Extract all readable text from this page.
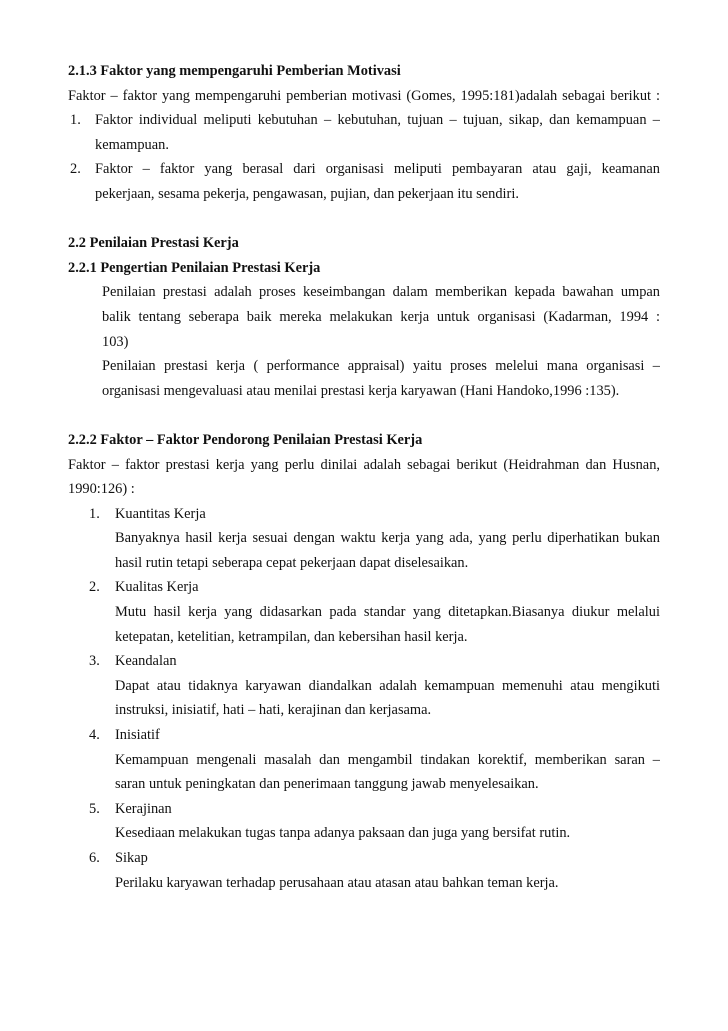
2.1.3 Faktor yang mempengaruhi Pemberian Motivasi
Faktor – faktor yang mempengaruhi pemberian motivasi (Gomes, 1995:181)adalah sebagai berikut :
1. Faktor individual meliputi kebutuhan – kebutuhan, tujuan – tujuan, sikap, dan kemampuan –
kemampuan.
2. Faktor – faktor yang berasal dari organisasi meliputi pembayaran atau gaji, keamanan
pekerjaan, sesama pekerja, pengawasan, pujian, dan pekerjaan itu sendiri.
2.2 Penilaian Prestasi Kerja
2.2.1 Pengertian Penilaian Prestasi Kerja
Penilaian prestasi adalah proses keseimbangan dalam memberikan kepada bawahan umpan
balik tentang seberapa baik mereka melakukan kerja untuk organisasi (Kadarman, 1994 :
103)
Penilaian prestasi kerja ( performance appraisal) yaitu proses melelui mana organisasi –
organisasi mengevaluasi atau menilai prestasi kerja karyawan (Hani Handoko,1996 :135).
2.2.2 Faktor – Faktor Pendorong Penilaian Prestasi Kerja
Faktor – faktor prestasi kerja yang perlu dinilai adalah sebagai berikut (Heidrahman dan Husnan,
1990:126) :
1. Kuantitas Kerja
Banyaknya hasil kerja sesuai dengan waktu kerja yang ada, yang perlu diperhatikan bukan
hasil rutin tetapi seberapa cepat pekerjaan dapat diselesaikan.
2. Kualitas Kerja
Mutu hasil kerja yang didasarkan pada standar yang ditetapkan.Biasanya diukur melalui
ketepatan, ketelitian, ketrampilan, dan kebersihan hasil kerja.
3. Keandalan
Dapat atau tidaknya karyawan diandalkan adalah kemampuan memenuhi atau mengikuti
instruksi, inisiatif, hati – hati, kerajinan dan kerjasama.
4. Inisiatif
Kemampuan mengenali masalah dan mengambil tindakan korektif, memberikan saran –
saran untuk peningkatan dan penerimaan tanggung jawab menyelesaikan.
5. Kerajinan
Kesediaan melakukan tugas tanpa adanya paksaan dan juga yang bersifat rutin.
6. Sikap
Perilaku karyawan terhadap perusahaan atau atasan atau bahkan teman kerja.
